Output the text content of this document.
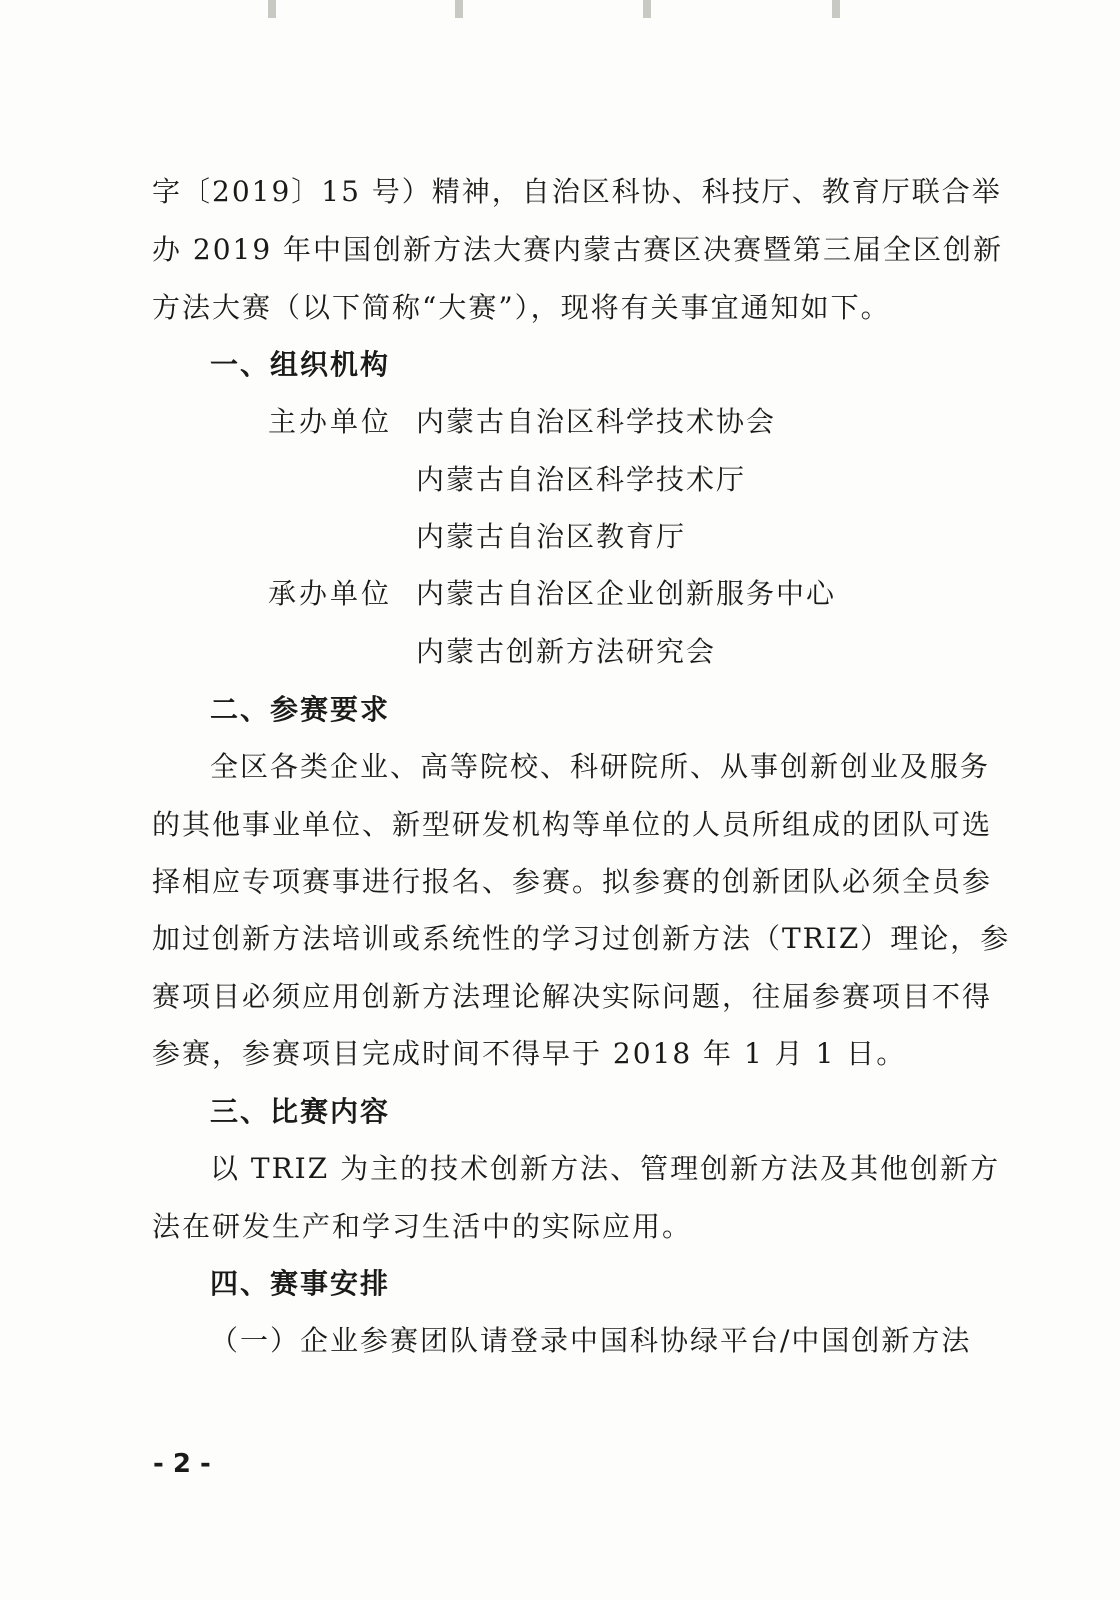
字〔2019〕15 号）精神，自治区科协、科技厅、教育厅联合举
办 2019 年中国创新方法大赛内蒙古赛区决赛暨第三届全区创新
方法大赛（以下简称“大赛”），现将有关事宜通知如下。
一、组织机构
主办单位 内蒙古自治区科学技术协会
内蒙古自治区科学技术厅
内蒙古自治区教育厅
承办单位 内蒙古自治区企业创新服务中心
内蒙古创新方法研究会
二、参赛要求
全区各类企业、高等院校、科研院所、从事创新创业及服务
的其他事业单位、新型研发机构等单位的人员所组成的团队可选
择相应专项赛事进行报名、参赛。拟参赛的创新团队必须全员参
加过创新方法培训或系统性的学习过创新方法（TRIZ）理论，参
赛项目必须应用创新方法理论解决实际问题，往届参赛项目不得
参赛，参赛项目完成时间不得早于 2018 年 1 月 1 日。
三、比赛内容
以 TRIZ 为主的技术创新方法、管理创新方法及其他创新方
法在研发生产和学习生活中的实际应用。
四、赛事安排
（一）企业参赛团队请登录中国科协绿平台/中国创新方法
- 2 -
